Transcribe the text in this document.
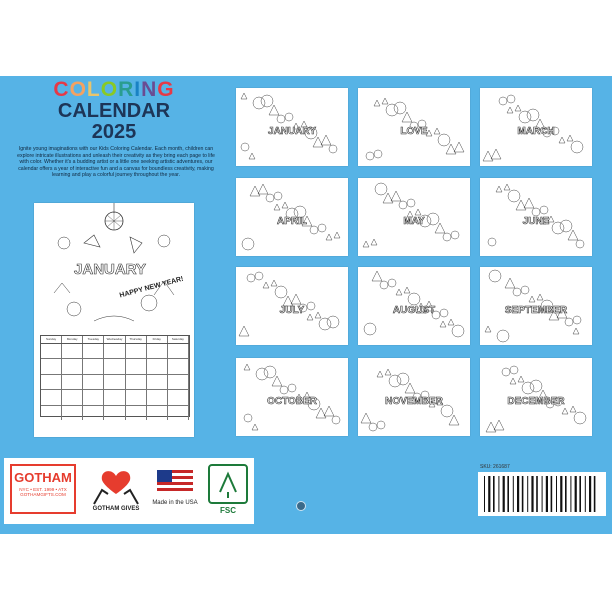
COLORING
CALENDAR
2025
Ignite young imaginations with our Kids Coloring Calendar. Each month, children can explore intricate illustrations and unleash their creativity as they bring each page to life with color. Whether it's a budding artist or a little one seeking artistic adventures, our calendar offers a year of interactive fun and a canvas for boundless creativity, making learning and play a colorful journey throughout the year.
JANUARY
HAPPY NEW YEAR!
Sunday	Monday	Tuesday	Wednesday	Thursday	Friday	Saturday
JANUARY	LOVE	MARCH
APRIL	MAY	JUNE
JULY	AUGUST	SEPTEMBER
OCTOBER	NOVEMBER	DECEMBER
GOTHAM
NYC • EST. 1999 • ATX
GOTHAMGIFTS.COM
GOTHAM GIVES
Made in the USA
FSC
SKU: 261687
